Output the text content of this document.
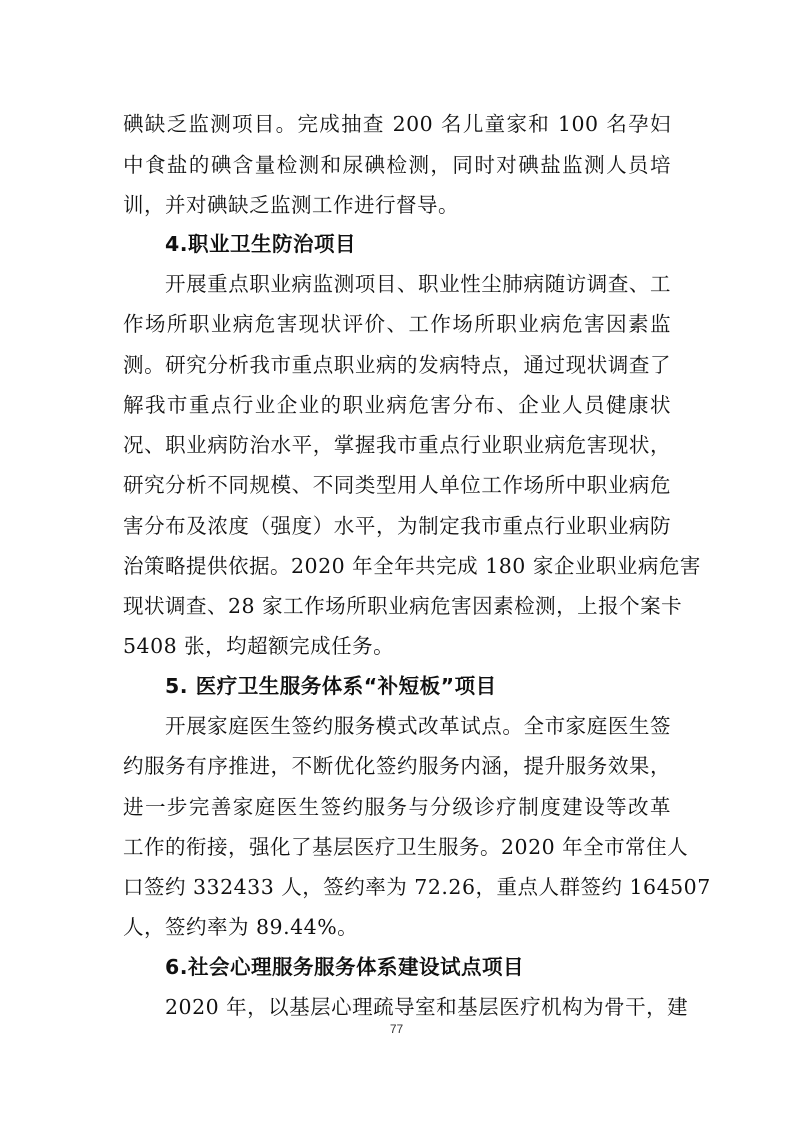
碘缺乏监测项目。完成抽查 200 名儿童家和 100 名孕妇
中食盐的碘含量检测和尿碘检测，同时对碘盐监测人员培
训，并对碘缺乏监测工作进行督导。
4.职业卫生防治项目
开展重点职业病监测项目、职业性尘肺病随访调查、工
作场所职业病危害现状评价、工作场所职业病危害因素监
测。研究分析我市重点职业病的发病特点，通过现状调查了
解我市重点行业企业的职业病危害分布、企业人员健康状
况、职业病防治水平，掌握我市重点行业职业病危害现状，
研究分析不同规模、不同类型用人单位工作场所中职业病危
害分布及浓度（强度）水平，为制定我市重点行业职业病防
治策略提供依据。2020 年全年共完成 180 家企业职业病危害
现状调查、28 家工作场所职业病危害因素检测，上报个案卡
5408 张，均超额完成任务。
5. 医疗卫生服务体系“补短板”项目
开展家庭医生签约服务模式改革试点。全市家庭医生签
约服务有序推进，不断优化签约服务内涵，提升服务效果，
进一步完善家庭医生签约服务与分级诊疗制度建设等改革
工作的衔接，强化了基层医疗卫生服务。2020 年全市常住人
口签约 332433 人，签约率为 72.26，重点人群签约 164507
人，签约率为 89.44%。
6.社会心理服务服务体系建设试点项目
2020 年，以基层心理疏导室和基层医疗机构为骨干，建
77
